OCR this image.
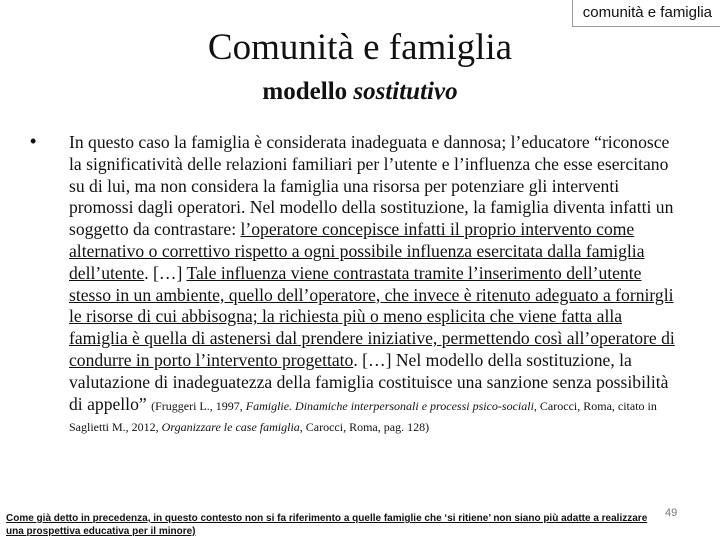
comunità e famiglia
Comunità e famiglia
modello sostitutivo
• In questo caso la famiglia è considerata inadeguata e dannosa; l’educatore “riconosce la significatività delle relazioni familiari per l’utente e l’influenza che esse esercitano su di lui, ma non considera la famiglia una risorsa per potenziare gli interventi promossi dagli operatori. Nel modello della sostituzione, la famiglia diventa infatti un soggetto da contrastare: l’operatore concepisce infatti il proprio intervento come alternativo o correttivo rispetto a ogni possibile influenza esercitata dalla famiglia dell’utente. […] Tale influenza viene contrastata tramite l’inserimento dell’utente stesso in un ambiente, quello dell’operatore, che invece è ritenuto adeguato a fornirgli le risorse di cui abbisogna; la richiesta più o meno esplicita che viene fatta alla famiglia è quella di astenersi dal prendere iniziative, permettendo così all’operatore di condurre in porto l’intervento progettato. […] Nel modello della sostituzione, la valutazione di inadeguatezza della famiglia costituisce una sanzione senza possibilità di appello” (Fruggeri L., 1997, Famiglie. Dinamiche interpersonali e processi psico-sociali, Carocci, Roma, citato in
Saglietti M., 2012, Organizzare le case famiglia, Carocci, Roma, pag. 128)
Come già detto in precedenza, in questo contesto non si fa riferimento a quelle famiglie che ‘si ritiene’ non siano più adatte a realizzare una prospettiva educativa per il minore)
49
